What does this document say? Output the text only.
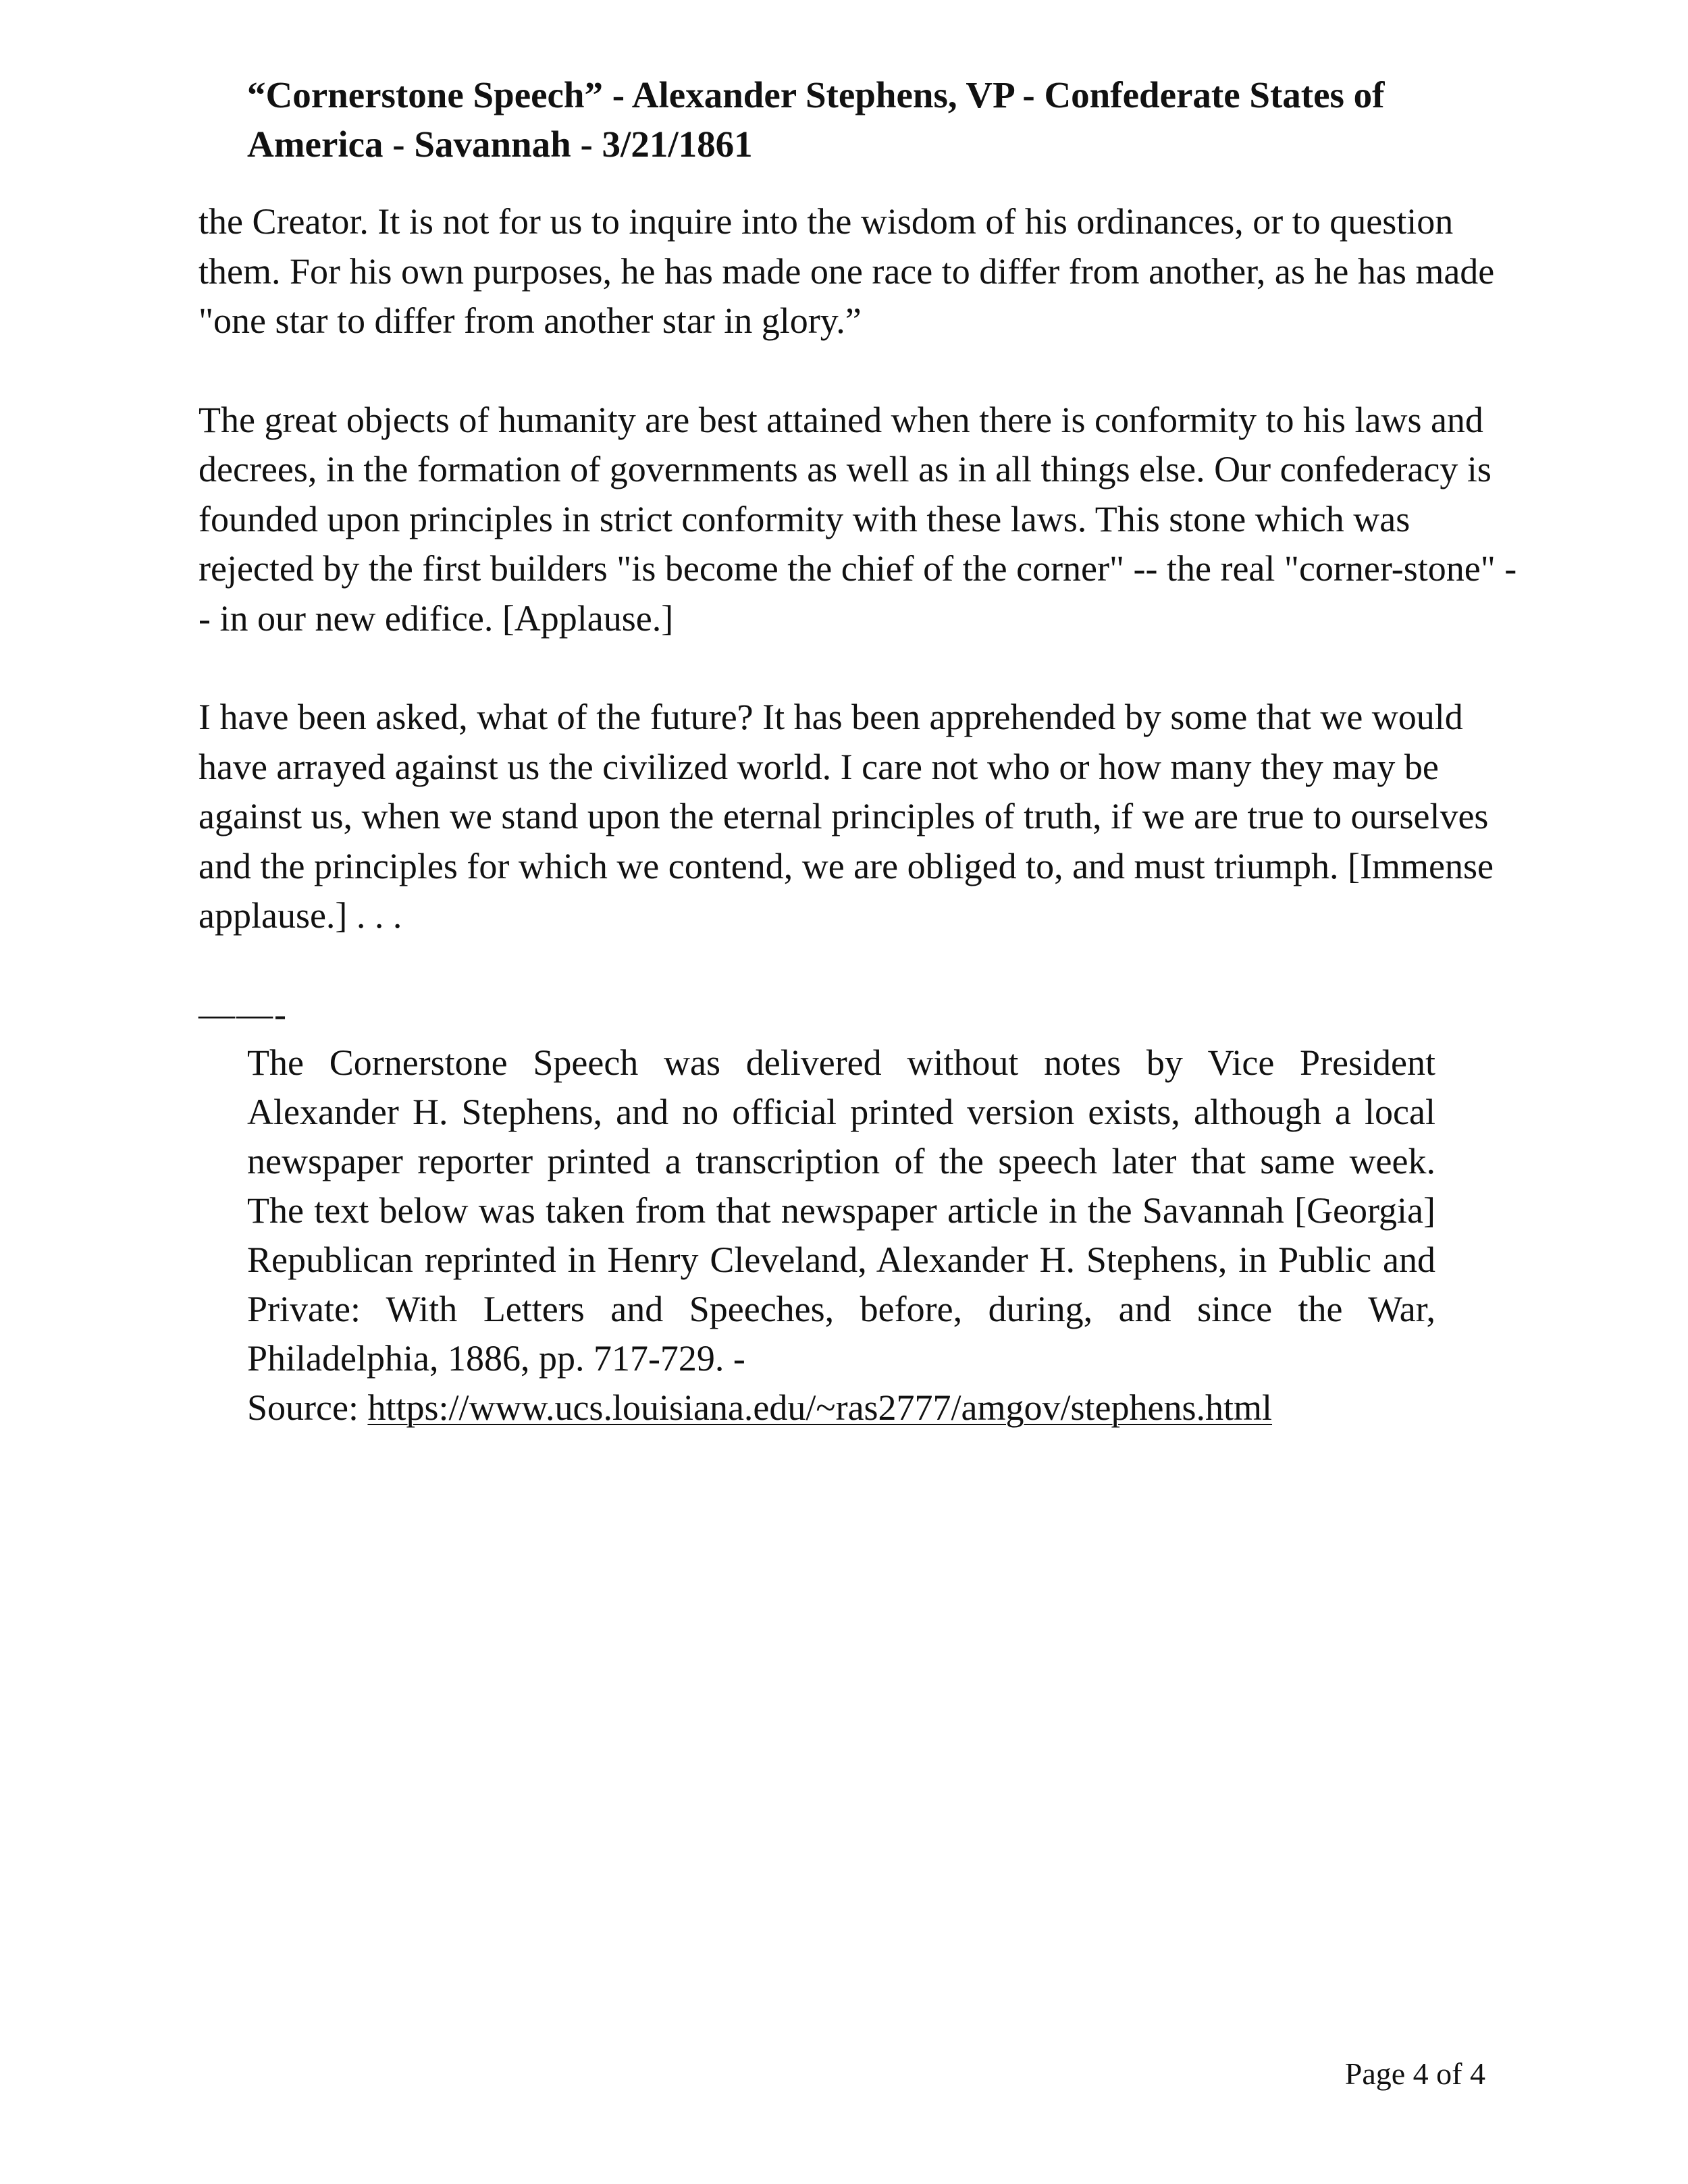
“Cornerstone Speech” - Alexander Stephens, VP - Confederate States of
America - Savannah - 3/21/1861

the Creator. It is not for us to inquire into the wisdom of his ordinances, or to question them. For his own purposes, he has made one race to differ from another, as he has made "one star to differ from another star in glory.”

The great objects of humanity are best attained when there is conformity to his laws and decrees, in the formation of governments as well as in all things else. Our confederacy is founded upon principles in strict conformity with these laws. This stone which was rejected by the first builders "is become the chief of the corner" -- the real "corner-stone" -- in our new edifice. [Applause.]

I have been asked, what of the future? It has been apprehended by some that we would have arrayed against us the civilized world. I care not who or how many they may be against us, when we stand upon the eternal principles of truth, if we are true to ourselves and the principles for which we contend, we are obliged to, and must triumph. [Immense applause.] . . .

——-

The Cornerstone Speech was delivered without notes by Vice President Alexander H. Stephens, and no official printed version exists, although a local newspaper reporter printed a transcription of the speech later that same week. The text below was taken from that newspaper article in the Savannah [Georgia] Republican reprinted in Henry Cleveland, Alexander H. Stephens, in Public and Private: With Letters and Speeches, before, during, and since the War, Philadelphia, 1886, pp. 717-729. -

Source: https://www.ucs.louisiana.edu/~ras2777/amgov/stephens.html

Page 4 of 4
